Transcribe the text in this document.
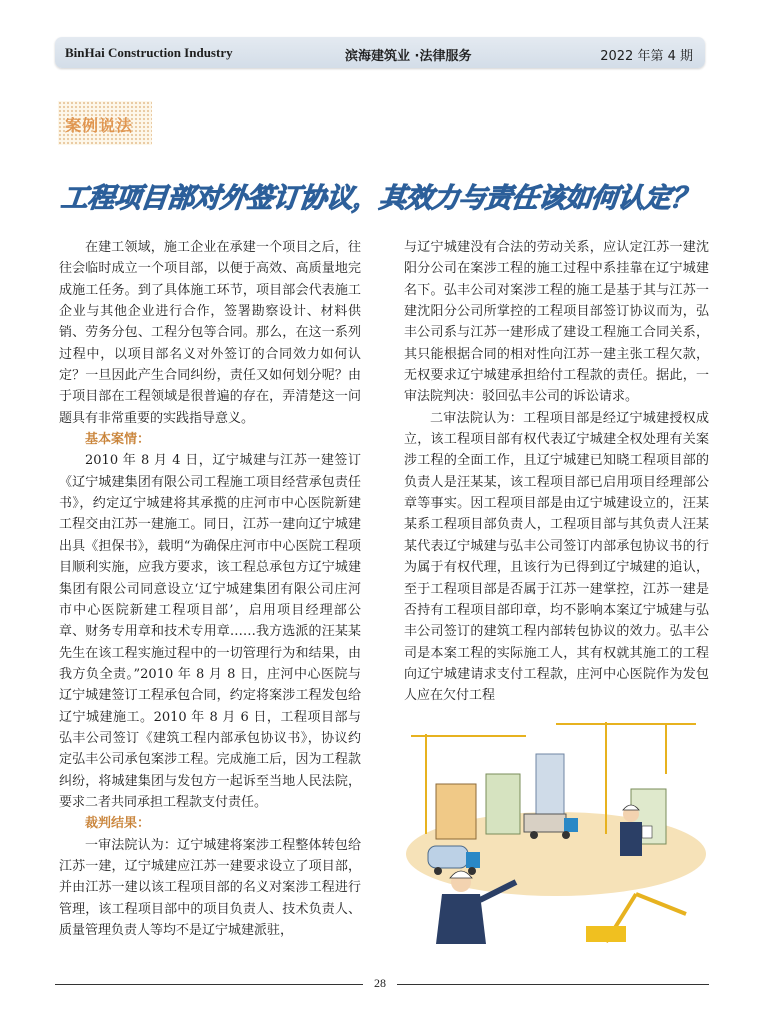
BinHai Construction Industry	滨海建筑业 ·法律服务	2022 年第 4 期
案例说法
工程项目部对外签订协议，其效力与责任该如何认定？

在建工领域，施工企业在承建一个项目之后，往往会临时成立一个项目部，以便于高效、高质量地完成施工任务。到了具体施工环节，项目部会代表施工企业与其他企业进行合作，签署勘察设计、材料供销、劳务分包、工程分包等合同。那么，在这一系列过程中，以项目部名义对外签订的合同效力如何认定？一旦因此产生合同纠纷，责任又如何划分呢？由于项目部在工程领域是很普遍的存在，弄清楚这一问题具有非常重要的实践指导意义。

基本案情：

2010 年 8 月 4 日，辽宁城建与江苏一建签订《辽宁城建集团有限公司工程施工项目经营承包责任书》，约定辽宁城建将其承揽的庄河市中心医院新建工程交由江苏一建施工。同日，江苏一建向辽宁城建出具《担保书》，载明“为确保庄河市中心医院工程项目顺利实施，应我方要求，该工程总承包方辽宁城建集团有限公司同意设立‘辽宁城建集团有限公司庄河市中心医院新建工程项目部’，启用项目经理部公章、财务专用章和技术专用章……我方选派的汪某某先生在该工程实施过程中的一切管理行为和结果，由我方负全责。”2010 年 8 月 8 日，庄河中心医院与辽宁城建签订工程承包合同，约定将案涉工程发包给辽宁城建施工。2010 年 8 月 6 日，工程项目部与弘丰公司签订《建筑工程内部承包协议书》，协议约定弘丰公司承包案涉工程。完成施工后，因为工程款纠纷，将城建集团与发包方一起诉至当地人民法院，要求二者共同承担工程款支付责任。

裁判结果：

一审法院认为：辽宁城建将案涉工程整体转包给江苏一建，辽宁城建应江苏一建要求设立了项目部，并由江苏一建以该工程项目部的名义对案涉工程进行管理，该工程项目部中的项目负责人、技术负责人、质量管理负责人等均不是辽宁城建派驻，

与辽宁城建没有合法的劳动关系，应认定江苏一建沈阳分公司在案涉工程的施工过程中系挂靠在辽宁城建名下。弘丰公司对案涉工程的施工是基于其与江苏一建沈阳分公司所掌控的工程项目部签订协议而为，弘丰公司系与江苏一建形成了建设工程施工合同关系，其只能根据合同的相对性向江苏一建主张工程欠款，无权要求辽宁城建承担给付工程款的责任。据此，一审法院判决：驳回弘丰公司的诉讼请求。

二审法院认为：工程项目部是经辽宁城建授权成立，该工程项目部有权代表辽宁城建全权处理有关案涉工程的全面工作，且辽宁城建已知晓工程项目部的负责人是汪某某，该工程项目部已启用项目经理部公章等事实。因工程项目部是由辽宁城建设立的，汪某某系工程项目部负责人，工程项目部与其负责人汪某某代表辽宁城建与弘丰公司签订内部承包协议书的行为属于有权代理，且该行为已得到辽宁城建的追认，至于工程项目部是否属于江苏一建掌控，江苏一建是否持有工程项目部印章，均不影响本案辽宁城建与弘丰公司签订的建筑工程内部转包协议的效力。弘丰公司是本案工程的实际施工人，其有权就其施工的工程向辽宁城建请求支付工程款，庄河中心医院作为发包人应在欠付工程

28
